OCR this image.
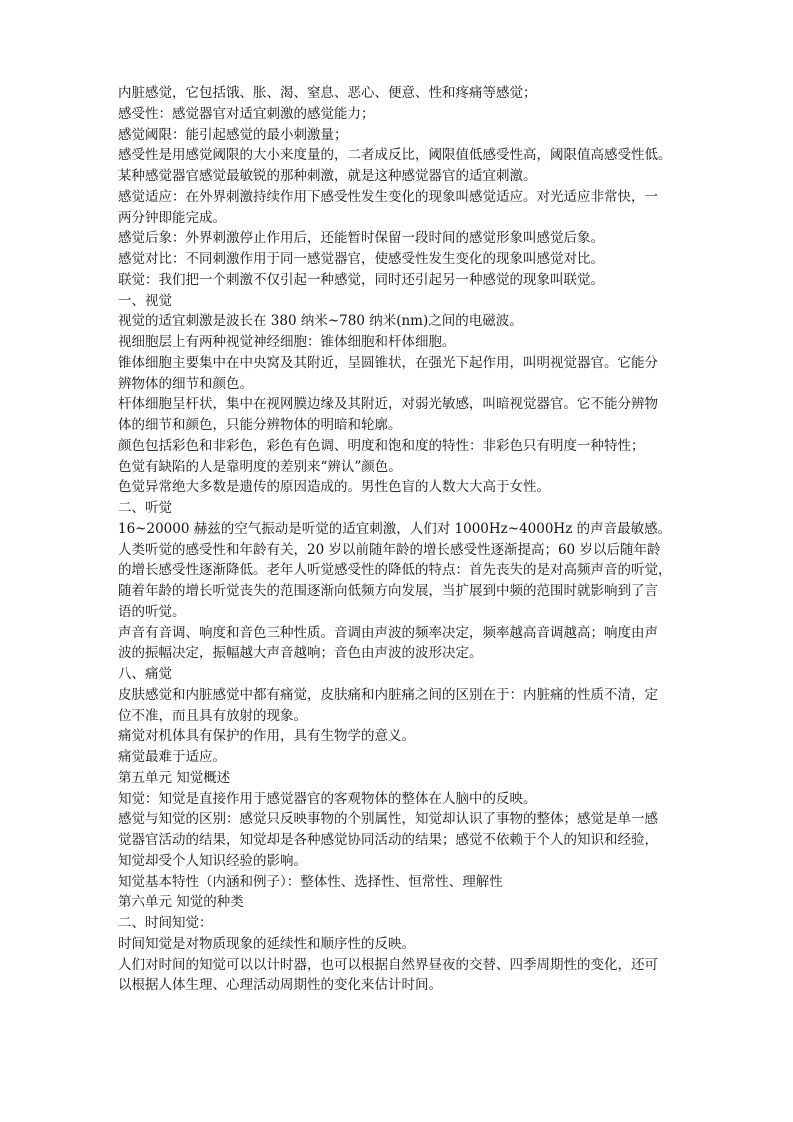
内脏感觉，它包括饿、胀、渴、窒息、恶心、便意、性和疼痛等感觉；
感受性：感觉器官对适宜刺激的感觉能力；
感觉阈限：能引起感觉的最小刺激量；
感受性是用感觉阈限的大小来度量的，二者成反比，阈限值低感受性高，阈限值高感受性低。
某种感觉器官感觉最敏锐的那种刺激，就是这种感觉器官的适宜刺激。
感觉适应：在外界刺激持续作用下感受性发生变化的现象叫感觉适应。对光适应非常快，一
两分钟即能完成。
感觉后象：外界刺激停止作用后，还能暂时保留一段时间的感觉形象叫感觉后象。
感觉对比：不同刺激作用于同一感觉器官，使感受性发生变化的现象叫感觉对比。
联觉：我们把一个刺激不仅引起一种感觉，同时还引起另一种感觉的现象叫联觉。
一、视觉
视觉的适宜刺激是波长在 380 纳米~780 纳米(nm)之间的电磁波。
视细胞层上有两种视觉神经细胞：锥体细胞和杆体细胞。
锥体细胞主要集中在中央窝及其附近，呈圆锥状，在强光下起作用，叫明视觉器官。它能分
辨物体的细节和颜色。
杆体细胞呈杆状，集中在视网膜边缘及其附近，对弱光敏感，叫暗视觉器官。它不能分辨物
体的细节和颜色，只能分辨物体的明暗和轮廓。
颜色包括彩色和非彩色，彩色有色调、明度和饱和度的特性：非彩色只有明度一种特性；
色觉有缺陷的人是靠明度的差别来“辨认”颜色。
色觉异常绝大多数是遗传的原因造成的。男性色盲的人数大大高于女性。
二、听觉
16~20000 赫兹的空气振动是听觉的适宜刺激，人们对 1000Hz~4000Hz 的声音最敏感。
人类听觉的感受性和年龄有关，20 岁以前随年龄的增长感受性逐渐提高；60 岁以后随年龄
的增长感受性逐渐降低。老年人听觉感受性的降低的特点：首先丧失的是对高频声音的听觉，
随着年龄的增长听觉丧失的范围逐渐向低频方向发展，当扩展到中频的范围时就影响到了言
语的听觉。
声音有音调、响度和音色三种性质。音调由声波的频率决定，频率越高音调越高；响度由声
波的振幅决定，振幅越大声音越响；音色由声波的波形决定。
八、痛觉
皮肤感觉和内脏感觉中都有痛觉，皮肤痛和内脏痛之间的区别在于：内脏痛的性质不清，定
位不准，而且具有放射的现象。
痛觉对机体具有保护的作用，具有生物学的意义。
痛觉最难于适应。
第五单元 知觉概述
知觉：知觉是直接作用于感觉器官的客观物体的整体在人脑中的反映。
感觉与知觉的区别：感觉只反映事物的个别属性，知觉却认识了事物的整体；感觉是单一感
觉器官活动的结果，知觉却是各种感觉协同活动的结果；感觉不依赖于个人的知识和经验，
知觉却受个人知识经验的影响。
知觉基本特性（内涵和例子）：整体性、选择性、恒常性、理解性
第六单元 知觉的种类
二、时间知觉：
时间知觉是对物质现象的延续性和顺序性的反映。
人们对时间的知觉可以以计时器，也可以根据自然界昼夜的交替、四季周期性的变化，还可
以根据人体生理、心理活动周期性的变化来估计时间。
